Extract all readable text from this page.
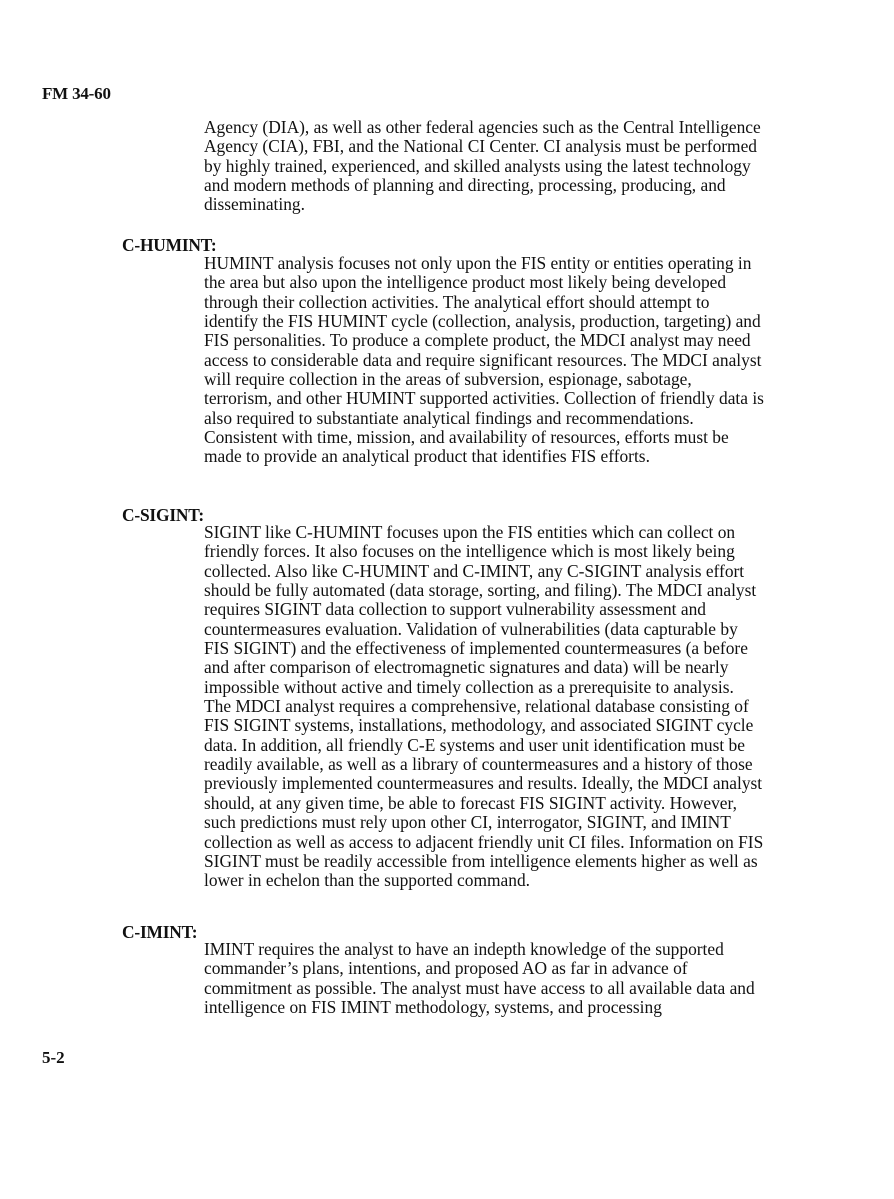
FM 34-60

Agency (DIA), as well as other federal agencies such as the Central Intelligence Agency (CIA), FBI, and the National CI Center. CI analysis must be performed by highly trained, experienced, and skilled analysts using the latest technology and modern methods of planning and directing, processing, producing, and disseminating.

C-HUMINT:

HUMINT analysis focuses not only upon the FIS entity or entities operating in the area but also upon the intelligence product most likely being developed through their collection activities. The analytical effort should attempt to identify the FIS HUMINT cycle (collection, analysis, production, targeting) and FIS personalities. To produce a complete product, the MDCI analyst may need access to considerable data and require significant resources. The MDCI analyst will require collection in the areas of subversion, espionage, sabotage, terrorism, and other HUMINT supported activities. Collection of friendly data is also required to substantiate analytical findings and recommendations. Consistent with time, mission, and availability of resources, efforts must be made to provide an analytical product that identifies FIS efforts.

C-SIGINT:

SIGINT like C-HUMINT focuses upon the FIS entities which can collect on friendly forces. It also focuses on the intelligence which is most likely being collected. Also like C-HUMINT and C-IMINT, any C-SIGINT analysis effort should be fully automated (data storage, sorting, and filing). The MDCI analyst requires SIGINT data collection to support vulnerability assessment and countermeasures evaluation. Validation of vulnerabilities (data capturable by FIS SIGINT) and the effectiveness of implemented countermeasures (a before and after comparison of electromagnetic signatures and data) will be nearly impossible without active and timely collection as a prerequisite to analysis. The MDCI analyst requires a comprehensive, relational database consisting of FIS SIGINT systems, installations, methodology, and associated SIGINT cycle data. In addition, all friendly C-E systems and user unit identification must be readily available, as well as a library of countermeasures and a history of those previously implemented countermeasures and results. Ideally, the MDCI analyst should, at any given time, be able to forecast FIS SIGINT activity. However, such predictions must rely upon other CI, interrogator, SIGINT, and IMINT collection as well as access to adjacent friendly unit CI files. Information on FIS SIGINT must be readily accessible from intelligence elements higher as well as lower in echelon than the supported command.

C-IMINT:

IMINT requires the analyst to have an indepth knowledge of the supported commander’s plans, intentions, and proposed AO as far in advance of commitment as possible. The analyst must have access to all available data and intelligence on FIS IMINT methodology, systems, and processing

5-2
